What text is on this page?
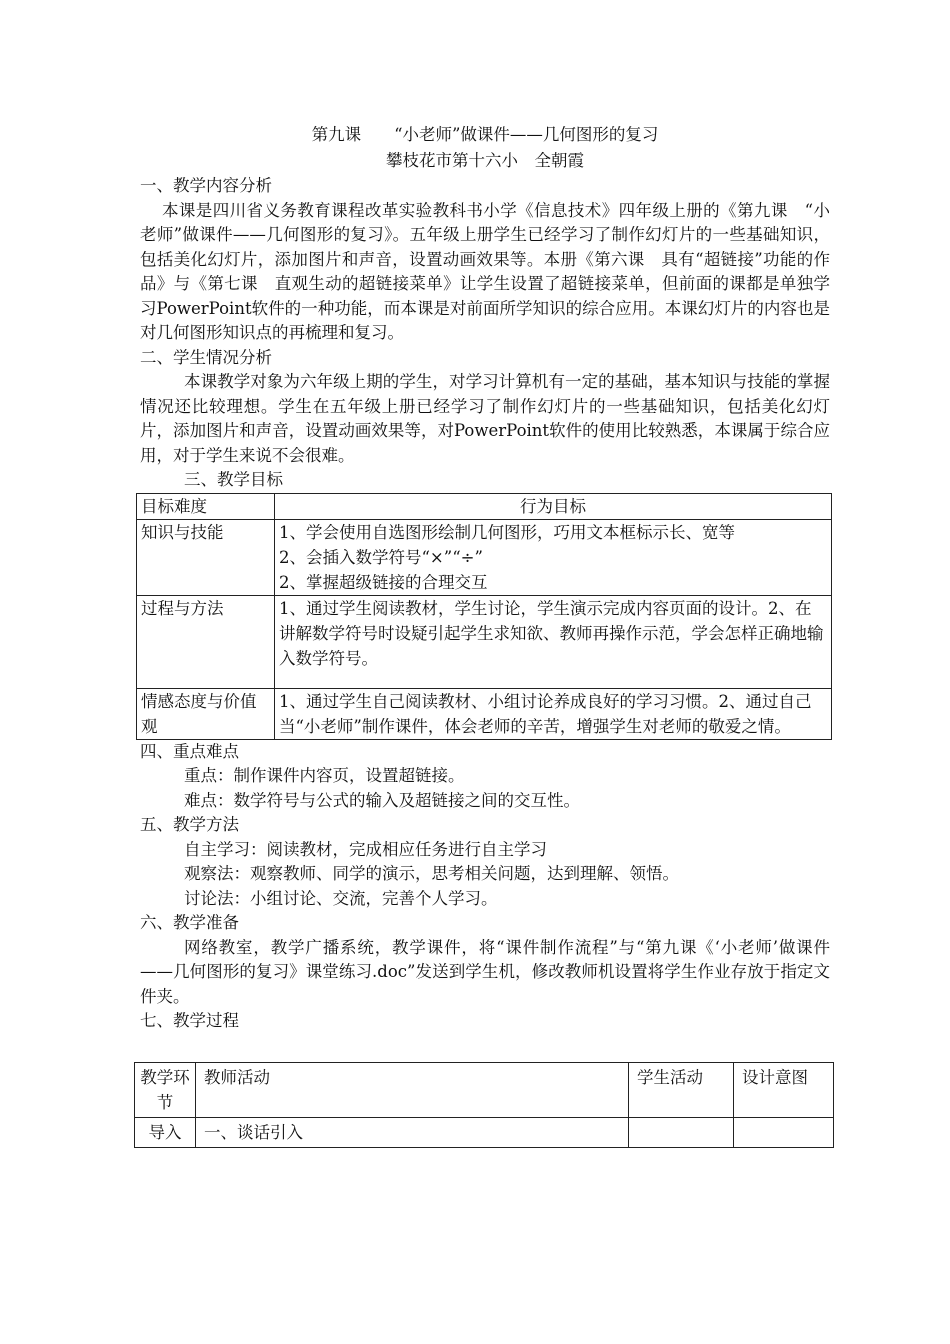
第九课　　“小老师”做课件——几何图形的复习
攀枝花市第十六小　全朝霞
一、教学内容分析
本课是四川省义务教育课程改革实验教科书小学《信息技术》四年级上册的《第九课　“小老师”做课件——几何图形的复习》。五年级上册学生已经学习了制作幻灯片的一些基础知识，包括美化幻灯片，添加图片和声音，设置动画效果等。本册《第六课　具有“超链接”功能的作品》与《第七课　直观生动的超链接菜单》让学生设置了超链接菜单，但前面的课都是单独学习PowerPoint软件的一种功能，而本课是对前面所学知识的综合应用。本课幻灯片的内容也是对几何图形知识点的再梳理和复习。
二、学生情况分析
本课教学对象为六年级上期的学生，对学习计算机有一定的基础，基本知识与技能的掌握情况还比较理想。学生在五年级上册已经学习了制作幻灯片的一些基础知识，包括美化幻灯片，添加图片和声音，设置动画效果等，对PowerPoint软件的使用比较熟悉，本课属于综合应用，对于学生来说不会很难。
三、教学目标
目标难度	行为目标
知识与技能	1、学会使用自选图形绘制几何图形，巧用文本框标示长、宽等
2、会插入数学符号“×”“÷”
2、掌握超级链接的合理交互

过程与方法	1、通过学生阅读教材，学生讨论，学生演示完成内容页面的设计。2、在讲解数学符号时设疑引起学生求知欲、教师再操作示范，学会怎样正确地输入数学符号。
情感态度与价值观	1、通过学生自己阅读教材、小组讨论养成良好的学习习惯。2、通过自己当“小老师”制作课件，体会老师的辛苦，增强学生对老师的敬爱之情。
四、重点难点
重点：制作课件内容页，设置超链接。
难点：数学符号与公式的输入及超链接之间的交互性。
五、教学方法
自主学习：阅读教材，完成相应任务进行自主学习
观察法：观察教师、同学的演示，思考相关问题，达到理解、领悟。
讨论法：小组讨论、交流，完善个人学习。
六、教学准备
网络教室，教学广播系统，教学课件，将“课件制作流程”与“第九课《‘小老师’做课件——几何图形的复习》课堂练习.doc”发送到学生机，修改教师机设置将学生作业存放于指定文件夹。
七、教学过程
教学环节	教师活动	学生活动	设计意图
导入	一、谈话引入		
